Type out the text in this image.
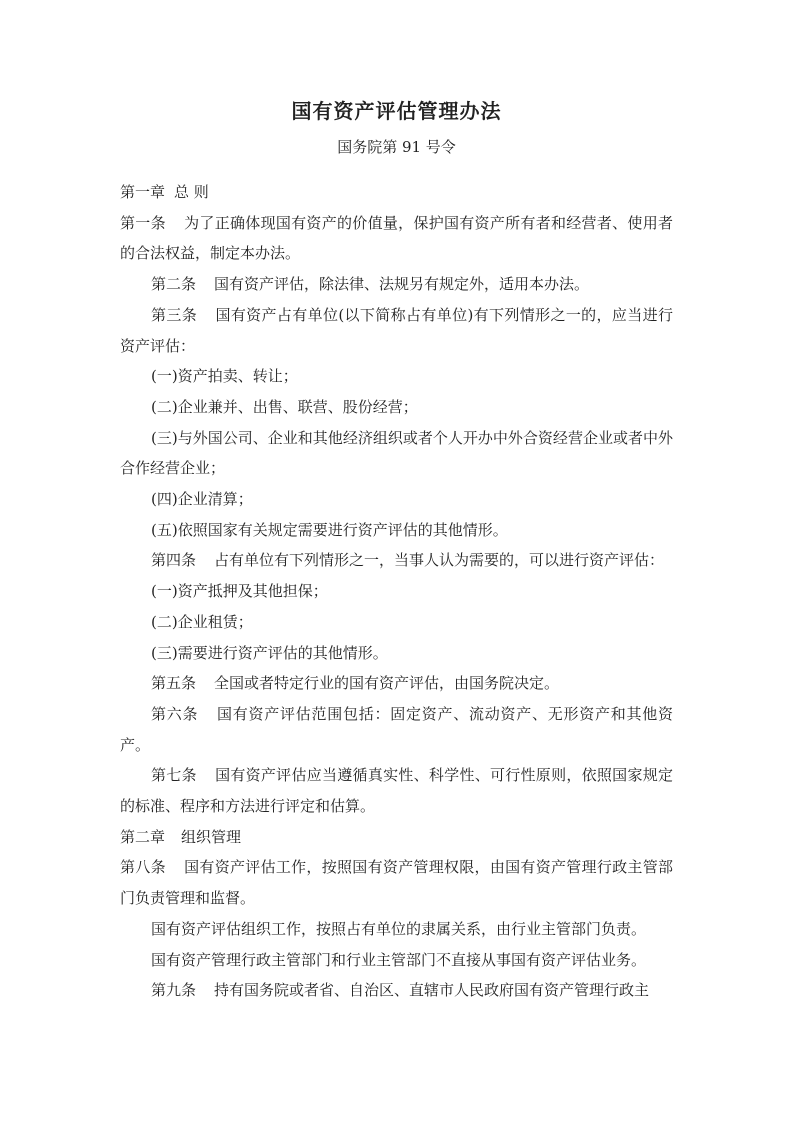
国有资产评估管理办法
国务院第 91 号令

第一章 总 则

第一条 为了正确体现国有资产的价值量，保护国有资产所有者和经营者、使用者的合法权益，制定本办法。

第二条 国有资产评估，除法律、法规另有规定外，适用本办法。

第三条 国有资产占有单位(以下简称占有单位)有下列情形之一的，应当进行资产评估：

(一)资产拍卖、转让；

(二)企业兼并、出售、联营、股份经营；

(三)与外国公司、企业和其他经济组织或者个人开办中外合资经营企业或者中外合作经营企业；

(四)企业清算；

(五)依照国家有关规定需要进行资产评估的其他情形。

第四条 占有单位有下列情形之一，当事人认为需要的，可以进行资产评估：

(一)资产抵押及其他担保；

(二)企业租赁；

(三)需要进行资产评估的其他情形。

第五条 全国或者特定行业的国有资产评估，由国务院决定。

第六条 国有资产评估范围包括：固定资产、流动资产、无形资产和其他资产。

第七条 国有资产评估应当遵循真实性、科学性、可行性原则，依照国家规定的标准、程序和方法进行评定和估算。

第二章 组织管理

第八条 国有资产评估工作，按照国有资产管理权限，由国有资产管理行政主管部门负责管理和监督。

国有资产评估组织工作，按照占有单位的隶属关系，由行业主管部门负责。

国有资产管理行政主管部门和行业主管部门不直接从事国有资产评估业务。

第九条 持有国务院或者省、自治区、直辖市人民政府国有资产管理行政主
